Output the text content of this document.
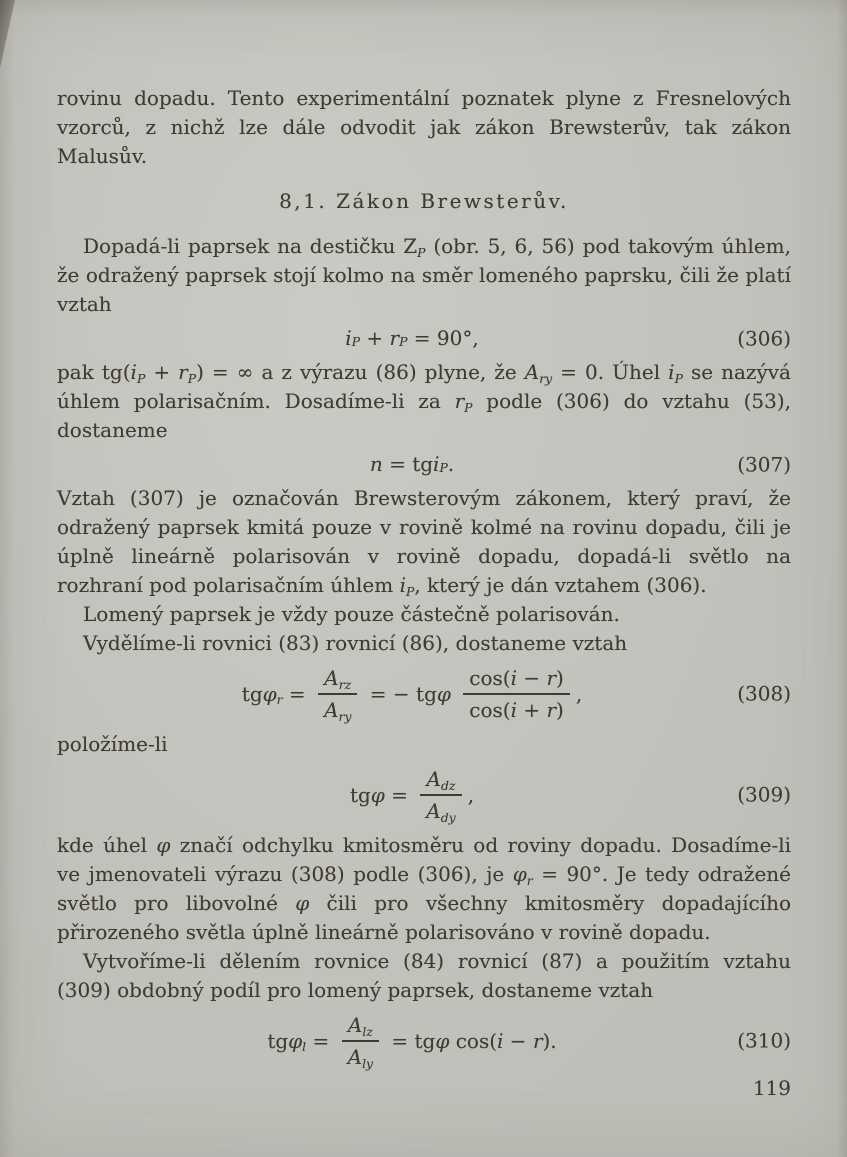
rovinu dopadu. Tento experimentální poznatek plyne z Fresnelových vzorců, z nichž lze dále odvodit jak zákon Brewsterův, tak zákon Malusův.

8,1. Zákon Brewsterův.

Dopadá-li paprsek na destičku $Z_P$ (obr. 5, 6, 56) pod takovým úhlem, že odražený paprsek stojí kolmo na směr lomeného paprsku, čili že platí vztah

$i_P + r_P = 90^\circ$,	(306)

pak $tg(i_P + r_P)$ = ∞ a z výrazu (86) plyne, že $A_{ry} = 0$. Úhel $i_P$ se nazývá úhlem polarisačním. Dosadíme-li za $r_P$ podle (306) do vztahu (53), dostaneme

n = tg $i_P$ .	(307)

Vztah (307) je označován Brewsterovým zákonem, který praví, že odražený paprsek kmitá pouze v rovině kolmé na rovinu dopadu, čili je úplně lineárně polarisován v rovině dopadu, dopadá-li světlo na rozhraní pod polarisačním úhlem $i_P$, který je dán vztahem (306).

Lomený paprsek je vždy pouze částečně polarisován.

Vydělíme-li rovnici (83) rovnicí (86), dostaneme vztah

$tg\varphi_r = \frac{A_{rz}}{A_{ry}}$ = − tgφ $\frac{\cos(i - r)}{\cos(i + r)}$ ,	(308)

položíme-li

$tg\varphi = \frac{A_{dz}}{A_{dy}}$ ,	(309)

kde úhel φ značí odchylku kmitosměru od roviny dopadu. Dosadíme-li ve jmenovateli výrazu (308) podle (306), je $\varphi_r = 90^\circ$. Je tedy odražené světlo pro libovolné φ čili pro všechny kmitosměry dopadajícího přirozeného světla úplně lineárně polarisováno v rovině dopadu.

Vytvoříme-li dělením rovnice (84) rovnicí (87) a použitím vztahu (309) obdobný podíl pro lomený paprsek, dostaneme vztah

$tg\varphi_l = \frac{A_{lz}}{A_{ly}} = tg\varphi$ cos(i − r).	(310)
119
